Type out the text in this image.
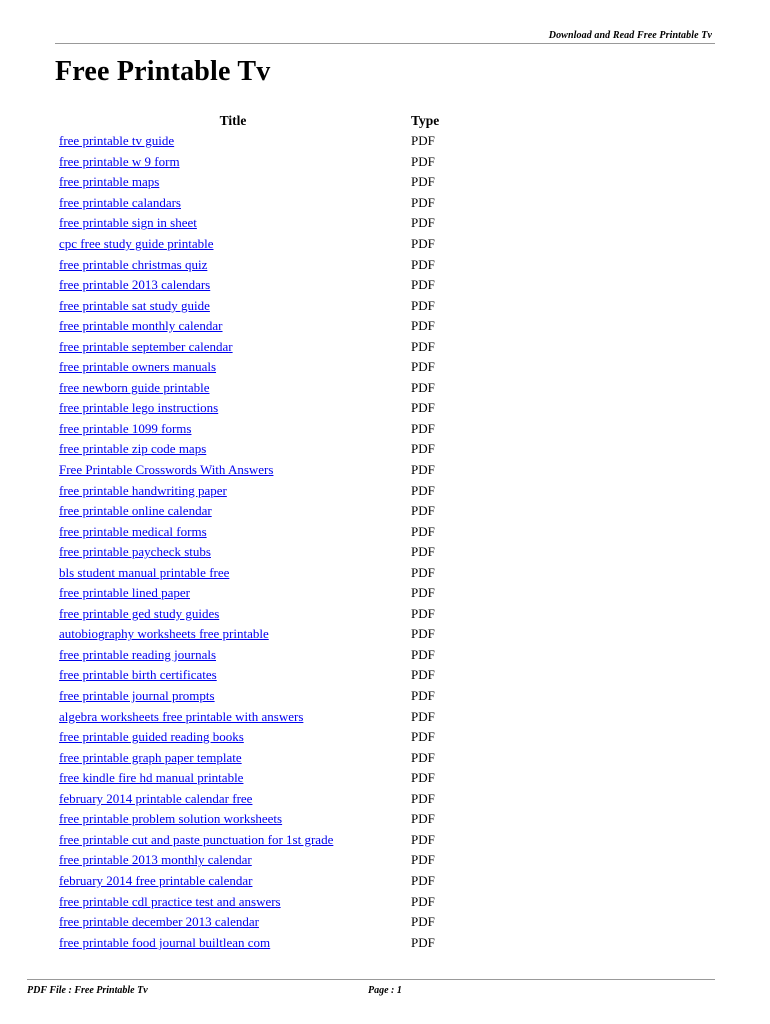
Download and Read Free Printable Tv
Free Printable Tv
Title	Type
free printable tv guide	PDF
free printable w 9 form	PDF
free printable maps	PDF
free printable calandars	PDF
free printable sign in sheet	PDF
cpc free study guide printable	PDF
free printable christmas quiz	PDF
free printable 2013 calendars	PDF
free printable sat study guide	PDF
free printable monthly calendar	PDF
free printable september calendar	PDF
free printable owners manuals	PDF
free newborn guide printable	PDF
free printable lego instructions	PDF
free printable 1099 forms	PDF
free printable zip code maps	PDF
Free Printable Crosswords With Answers	PDF
free printable handwriting paper	PDF
free printable online calendar	PDF
free printable medical forms	PDF
free printable paycheck stubs	PDF
bls student manual printable free	PDF
free printable lined paper	PDF
free printable ged study guides	PDF
autobiography worksheets free printable	PDF
free printable reading journals	PDF
free printable birth certificates	PDF
free printable journal prompts	PDF
algebra worksheets free printable with answers	PDF
free printable guided reading books	PDF
free printable graph paper template	PDF
free kindle fire hd manual printable	PDF
february 2014 printable calendar free	PDF
free printable problem solution worksheets	PDF
free printable cut and paste punctuation for 1st grade	PDF
free printable 2013 monthly calendar	PDF
february 2014 free printable calendar	PDF
free printable cdl practice test and answers	PDF
free printable december 2013 calendar	PDF
free printable food journal builtlean com	PDF
PDF File : Free Printable Tv	Page : 1
